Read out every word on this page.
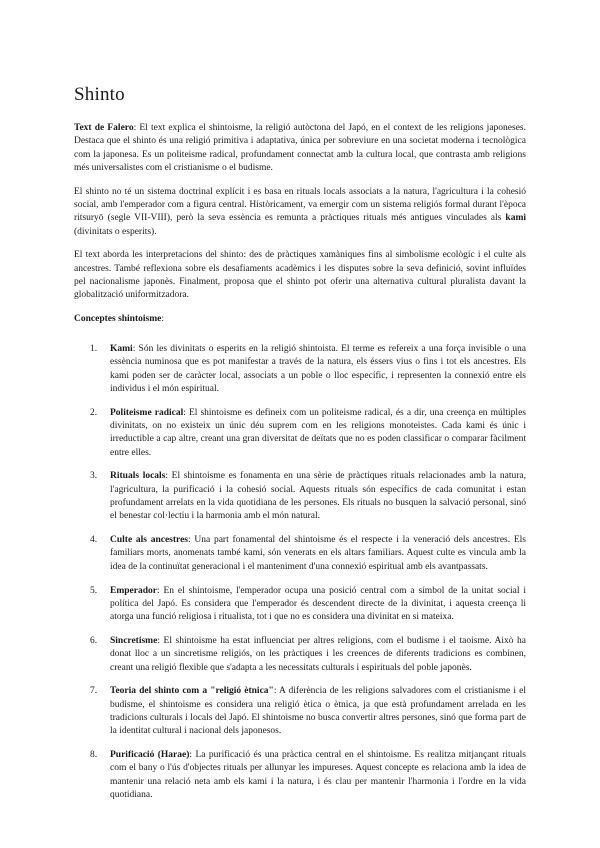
Shinto

Text de Falero: El text explica el shintoisme, la religió autòctona del Japó, en el context de les religions japoneses. Destaca que el shinto és una religió primitiva i adaptativa, única per sobreviure en una societat moderna i tecnològica com la japonesa. Es un politeisme radical, profundament connectat amb la cultura local, que contrasta amb religions més universalistes com el cristianisme o el budisme.

El shinto no té un sistema doctrinal explícit i es basa en rituals locals associats a la natura, l'agricultura i la cohesió social, amb l'emperador com a figura central. Històricament, va emergir com un sistema religiós formal durant l'època ritsuryō (segle VII-VIII), però la seva essència es remunta a pràctiques rituals més antigues vinculades als kami (divinitats o esperits).

El text aborda les interpretacions del shinto: des de pràctiques xamàniques fins al simbolisme ecològic i el culte als ancestres. També reflexiona sobre els desafiaments acadèmics i les disputes sobre la seva definició, sovint influïdes pel nacionalisme japonès. Finalment, proposa que el shinto pot oferir una alternativa cultural pluralista davant la globalització uniformitzadora.

Conceptes shintoisme:
1. Kami: Són les divinitats o esperits en la religió shintoista. El terme es refereix a una força invisible o una essència numinosa que es pot manifestar a través de la natura, els éssers vius o fins i tot els ancestres. Els kami poden ser de caràcter local, associats a un poble o lloc específic, i representen la connexió entre els individus i el món espiritual.
2. Politeisme radical: El shintoisme es defineix com un politeisme radical, és a dir, una creença en múltiples divinitats, on no existeix un únic déu suprem com en les religions monoteistes. Cada kami és únic i irreductible a cap altre, creant una gran diversitat de deïtats que no es poden classificar o comparar fàcilment entre elles.
3. Rituals locals: El shintoisme es fonamenta en una sèrie de pràctiques rituals relacionades amb la natura, l'agricultura, la purificació i la cohesió social. Aquests rituals són específics de cada comunitat i estan profundament arrelats en la vida quotidiana de les persones. Els rituals no busquen la salvació personal, sinó el benestar col·lectiu i la harmonia amb el món natural.
4. Culte als ancestres: Una part fonamental del shintoisme és el respecte i la veneració dels ancestres. Els familiars morts, anomenats també kami, són venerats en els altars familiars. Aquest culte es vincula amb la idea de la continuïtat generacional i el manteniment d'una connexió espiritual amb els avantpassats.
5. Emperador: En el shintoisme, l'emperador ocupa una posició central com a símbol de la unitat social i política del Japó. Es considera que l'emperador és descendent directe de la divinitat, i aquesta creença li atorga una funció religiosa i ritualista, tot i que no es considera una divinitat en si mateixa.
6. Sincretisme: El shintoisme ha estat influenciat per altres religions, com el budisme i el taoisme. Això ha donat lloc a un sincretisme religiós, on les pràctiques i les creences de diferents tradicions es combinen, creant una religió flexible que s'adapta a les necessitats culturals i espirituals del poble japonès.
7. Teoria del shinto com a "religió ètnica": A diferència de les religions salvadores com el cristianisme i el budisme, el shintoisme es considera una religió ètica o ètnica, ja que està profundament arrelada en les tradicions culturals i locals del Japó. El shintoisme no busca convertir altres persones, sinó que forma part de la identitat cultural i nacional dels japonesos.
8. Purificació (Harae): La purificació és una pràctica central en el shintoisme. Es realitza mitjançant rituals com el bany o l'ús d'objectes rituals per allunyar les impureses. Aquest concepte es relaciona amb la idea de mantenir una relació neta amb els kami i la natura, i és clau per mantenir l'harmonia i l'ordre en la vida quotidiana.
